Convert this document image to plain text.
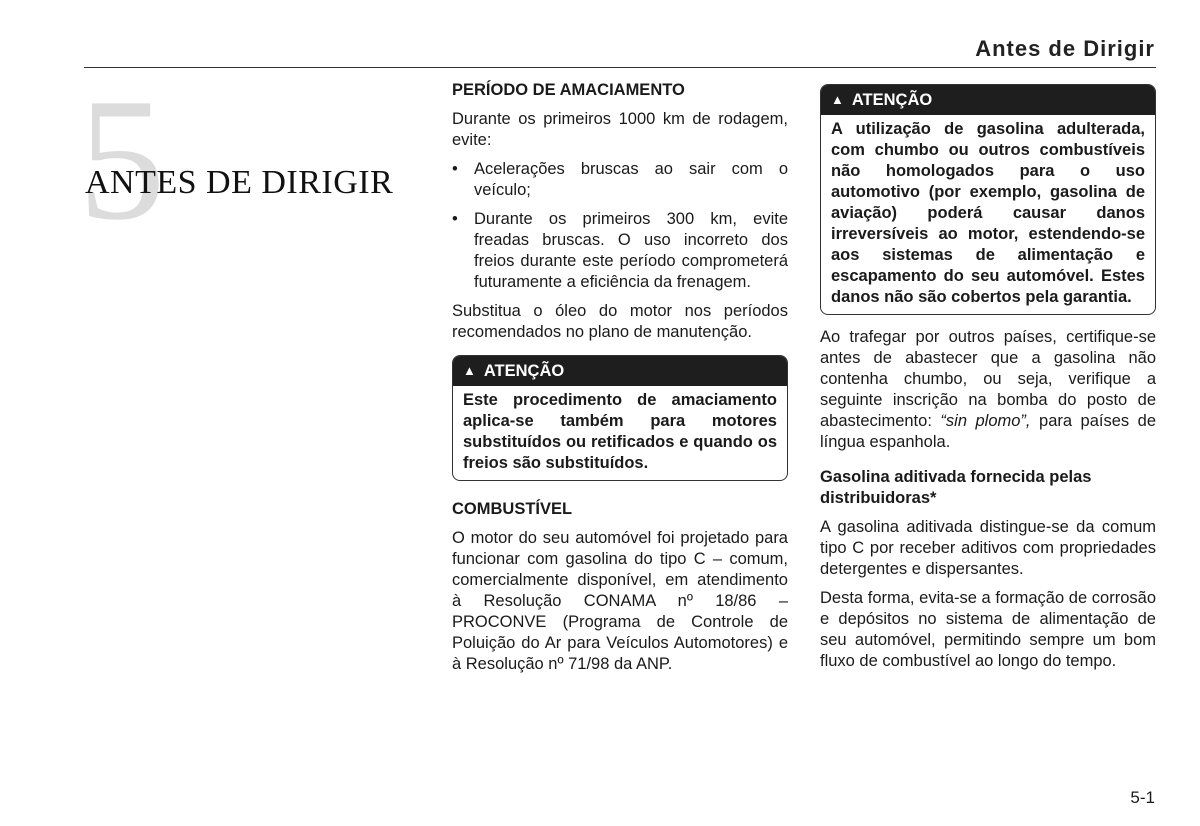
Antes de Dirigir
5
ANTES DE DIRIGIR

PERÍODO DE AMACIAMENTO

Durante os primeiros 1000 km de rodagem, evite:

• Acelerações bruscas ao sair com o veículo;
• Durante os primeiros 300 km, evite freadas bruscas. O uso incorreto dos freios durante este período comprometerá futuramente a eficiência da frenagem.

Substitua o óleo do motor nos períodos recomendados no plano de manutenção.

▲ ATENÇÃO
Este procedimento de amaciamento aplica-se também para motores substituídos ou retificados e quando os freios são substituídos.

COMBUSTÍVEL

O motor do seu automóvel foi projetado para funcionar com gasolina do tipo C – comum, comercialmente disponível, em atendimento à Resolução CONAMA nº 18/86 – PROCONVE (Programa de Controle de Poluição do Ar para Veículos Automotores) e à Resolução nº 71/98 da ANP.

▲ ATENÇÃO
A utilização de gasolina adulterada, com chumbo ou outros combustíveis não homologados para o uso automotivo (por exemplo, gasolina de aviação) poderá causar danos irreversíveis ao motor, estendendo-se aos sistemas de alimentação e escapamento do seu automóvel. Estes danos não são cobertos pela garantia.

Ao trafegar por outros países, certifique-se antes de abastecer que a gasolina não contenha chumbo, ou seja, verifique a seguinte inscrição na bomba do posto de abastecimento: “sin plomo”, para países de língua espanhola.

Gasolina aditivada fornecida pelas distribuidoras*

A gasolina aditivada distingue-se da comum tipo C por receber aditivos com propriedades detergentes e dispersantes.

Desta forma, evita-se a formação de corrosão e depósitos no sistema de alimentação de seu automóvel, permitindo sempre um bom fluxo de combustível ao longo do tempo.

5-1
